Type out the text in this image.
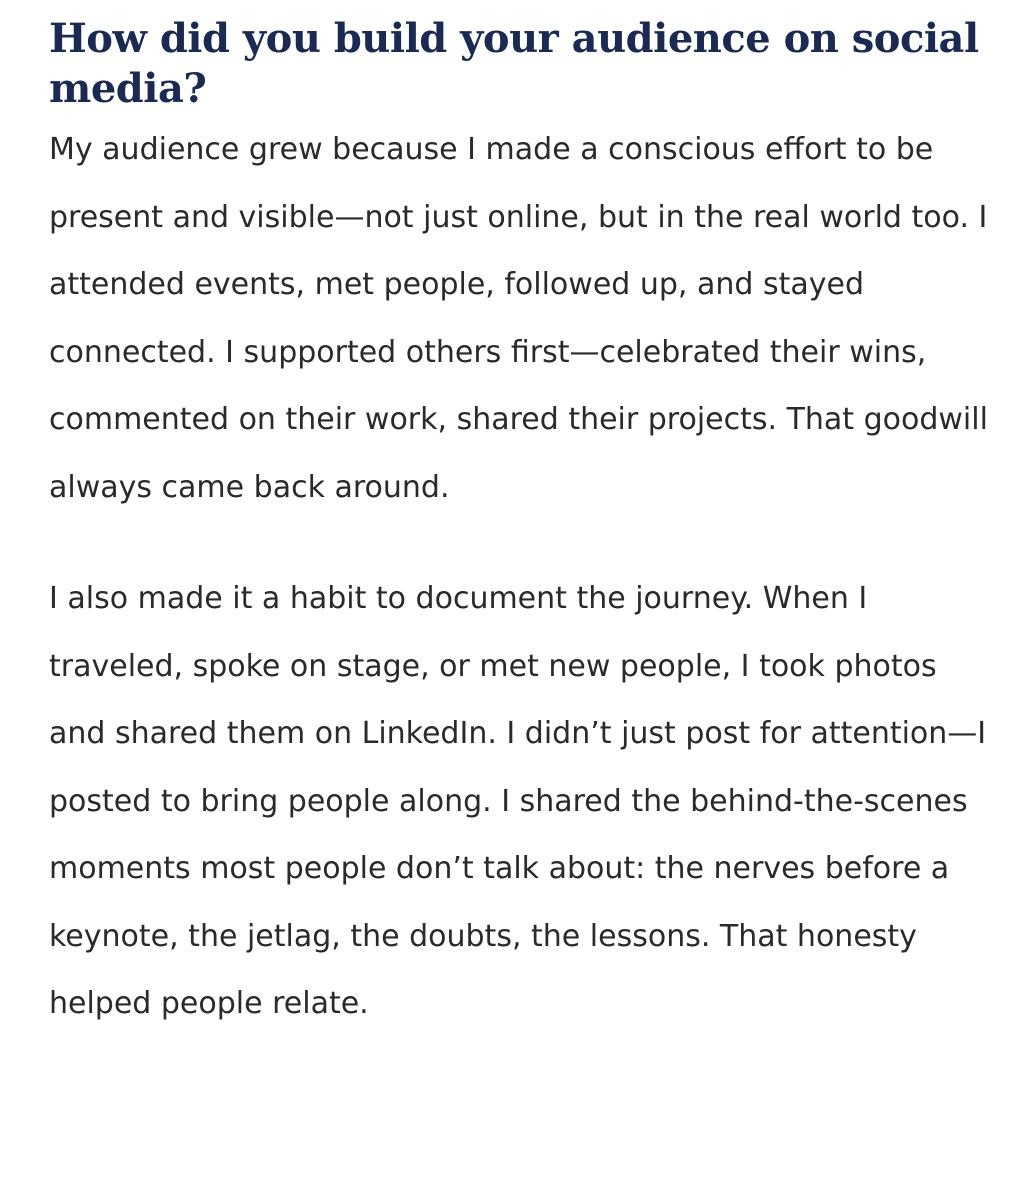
How did you build your audience on social media?

My audience grew because I made a conscious effort to be present and visible—not just online, but in the real world too. I attended events, met people, followed up, and stayed connected. I supported others first—celebrated their wins, commented on their work, shared their projects. That goodwill always came back around.

I also made it a habit to document the journey. When I traveled, spoke on stage, or met new people, I took photos and shared them on LinkedIn. I didn’t just post for attention—I posted to bring people along. I shared the behind-the-scenes moments most people don’t talk about: the nerves before a keynote, the jetlag, the doubts, the lessons. That honesty helped people relate.
